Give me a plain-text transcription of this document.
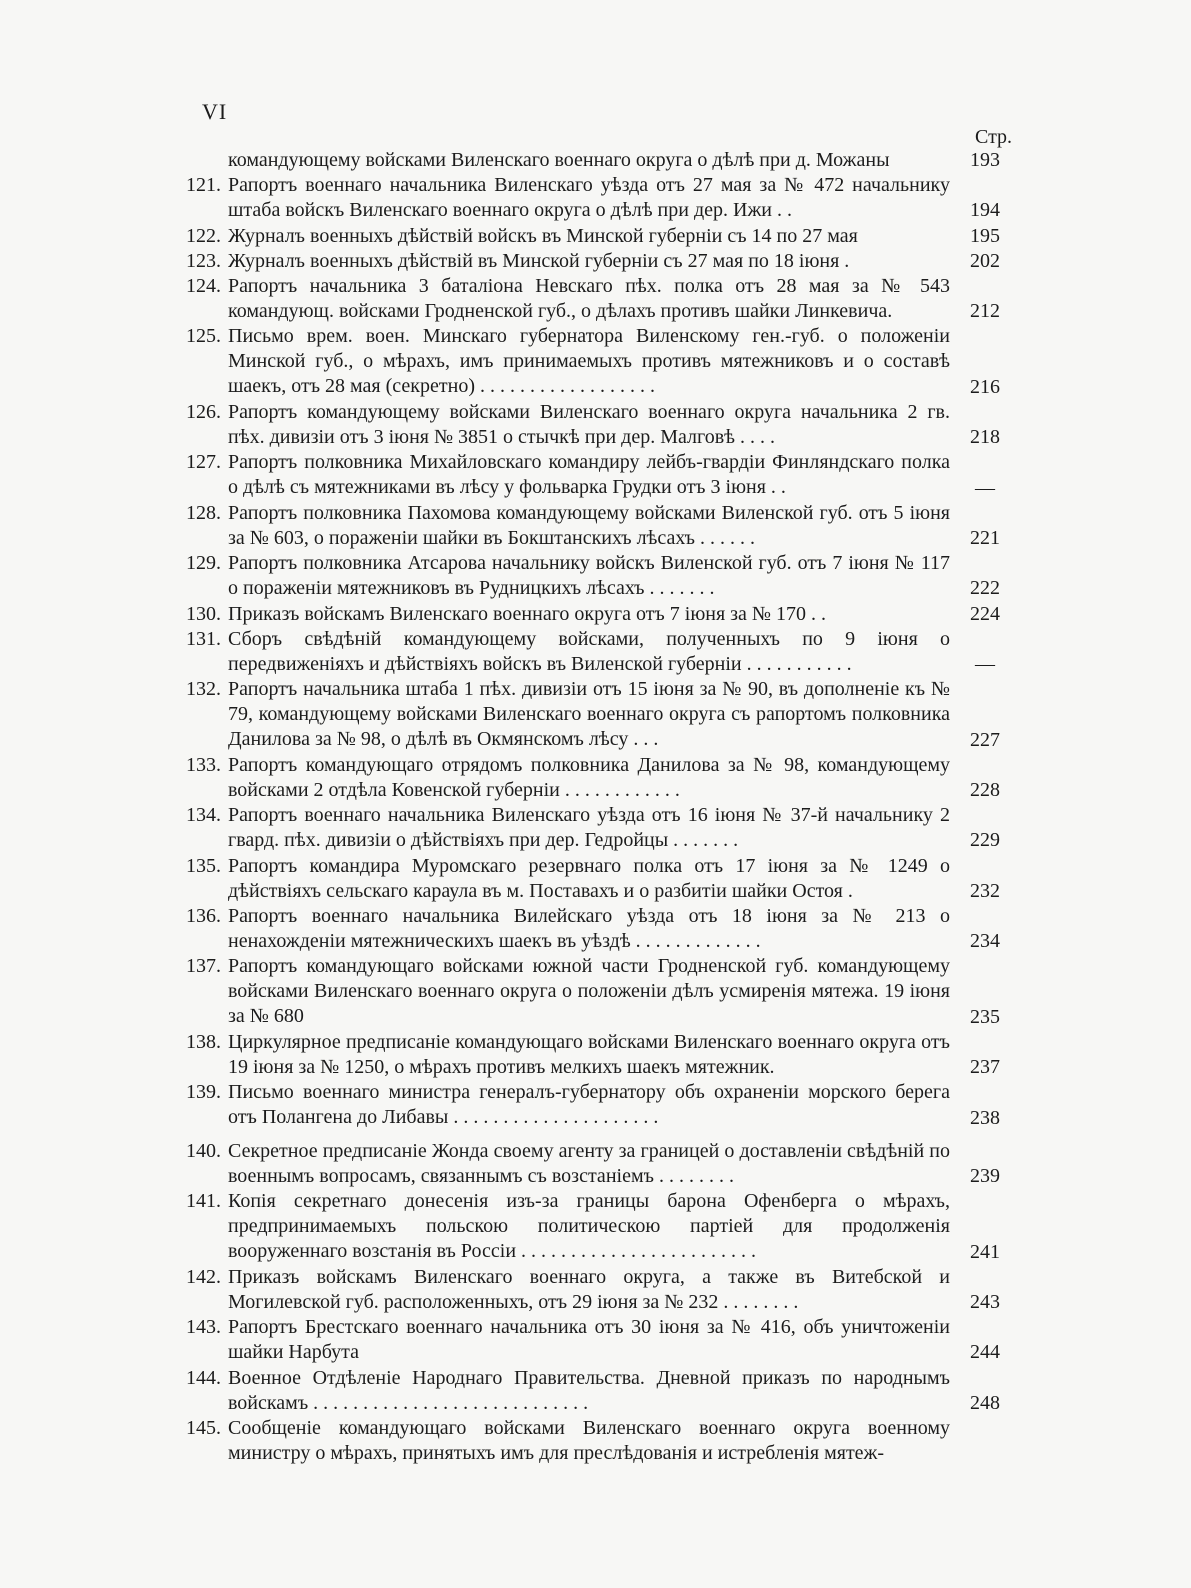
VI
Стр.
командующему войсками Виленскаго военнаго округа о дѣлѣ при д. Можаны	193
121. Рапортъ военнаго начальника Виленскаго уѣзда отъ 27 мая за № 472 начальнику штаба войскъ Виленскаго военнаго округа о дѣлѣ при дер. Ижи . .	194
122. Журналъ военныхъ дѣйствій войскъ въ Минской губерніи съ 14 по 27 мая	195
123. Журналъ военныхъ дѣйствій въ Минской губерніи съ 27 мая по 18 іюня .	202
124. Рапортъ начальника 3 баталіона Невскаго пѣх. полка отъ 28 мая за № 543 командующ. войсками Гродненской губ., о дѣлахъ противъ шайки Линкевича.	212
125. Письмо врем. воен. Минскаго губернатора Виленскому ген.-губ. о положеніи Минской губ., о мѣрахъ, имъ принимаемыхъ противъ мятежниковъ и о составѣ шаекъ, отъ 28 мая (секретно) . . . . . . . . . . . . . . . . . .	216
126. Рапортъ командующему войсками Виленскаго военнаго округа начальника 2 гв. пѣх. дивизіи отъ 3 іюня № 3851 о стычкѣ при дер. Малговѣ . . . .	218
127. Рапортъ полковника Михайловскаго командиру лейбъ-гвардіи Финляндскаго полка о дѣлѣ съ мятежниками въ лѣсу у фольварка Грудки отъ 3 іюня . .	—
128. Рапортъ полковника Пахомова командующему войсками Виленской губ. отъ 5 іюня за № 603, о пораженіи шайки въ Бокштанскихъ лѣсахъ . . . . . .	221
129. Рапортъ полковника Атсарова начальнику войскъ Виленской губ. отъ 7 іюня № 117 о пораженіи мятежниковъ въ Рудницкихъ лѣсахъ . . . . . . .	222
130. Приказъ войскамъ Виленскаго военнаго округа отъ 7 іюня за № 170 . .	224
131. Сборъ свѣдѣній командующему войсками, полученныхъ по 9 іюня о передвиженіяхъ и дѣйствіяхъ войскъ въ Виленской губерніи . . . . . . . . . . .	—
132. Рапортъ начальника штаба 1 пѣх. дивизіи отъ 15 іюня за № 90, въ дополненіе къ № 79, командующему войсками Виленскаго военнаго округа съ рапортомъ полковника Данилова за № 98, о дѣлѣ въ Окмянскомъ лѣсу . . .	227
133. Рапортъ командующаго отрядомъ полковника Данилова за № 98, командующему войсками 2 отдѣла Ковенской губерніи . . . . . . . . . . . .	228
134. Рапортъ военнаго начальника Виленскаго уѣзда отъ 16 іюня № 37-й начальнику 2 гвард. пѣх. дивизіи о дѣйствіяхъ при дер. Гедройцы . . . . . . .	229
135. Рапортъ командира Муромскаго резервнаго полка отъ 17 іюня за № 1249 о дѣйствіяхъ сельскаго караула въ м. Поставахъ и о разбитіи шайки Остоя .	232
136. Рапортъ военнаго начальника Вилейскаго уѣзда отъ 18 іюня за № 213 о ненахожденіи мятежническихъ шаекъ въ уѣздѣ . . . . . . . . . . . . .	234
137. Рапортъ командующаго войсками южной части Гродненской губ. командующему войсками Виленскаго военнаго округа о положеніи дѣлъ усмиренія мятежа. 19 іюня за № 680	235
138. Циркулярное предписаніе командующаго войсками Виленскаго военнаго округа отъ 19 іюня за № 1250, о мѣрахъ противъ мелкихъ шаекъ мятежник.	237
139. Письмо военнаго министра генералъ-губернатору объ охраненіи морского берега отъ Полангена до Либавы . . . . . . . . . . . . . . . . . . . . .	238
140. Секретное предписаніе Жонда своему агенту за границей о доставленіи свѣдѣній по военнымъ вопросамъ, связаннымъ съ возстаніемъ . . . . . . . .	239
141. Копія секретнаго донесенія изъ-за границы барона Офенберга о мѣрахъ, предпринимаемыхъ польскою политическою партіей для продолженія вооруженнаго возстанія въ Россіи . . . . . . . . . . . . . . . . . . . . . . . .	241
142. Приказъ войскамъ Виленскаго военнаго округа, а также въ Витебской и Могилевской губ. расположенныхъ, отъ 29 іюня за № 232 . . . . . . . .	243
143. Рапортъ Брестскаго военнаго начальника отъ 30 іюня за № 416, объ уничтоженіи шайки Нарбута	244
144. Военное Отдѣленіе Народнаго Правительства. Дневной приказъ по народнымъ войскамъ . . . . . . . . . . . . . . . . . . . . . . . . . . . .	248
145. Сообщеніе командующаго войсками Виленскаго военнаго округа военному министру о мѣрахъ, принятыхъ имъ для преслѣдованія и истребленія мятеж-
